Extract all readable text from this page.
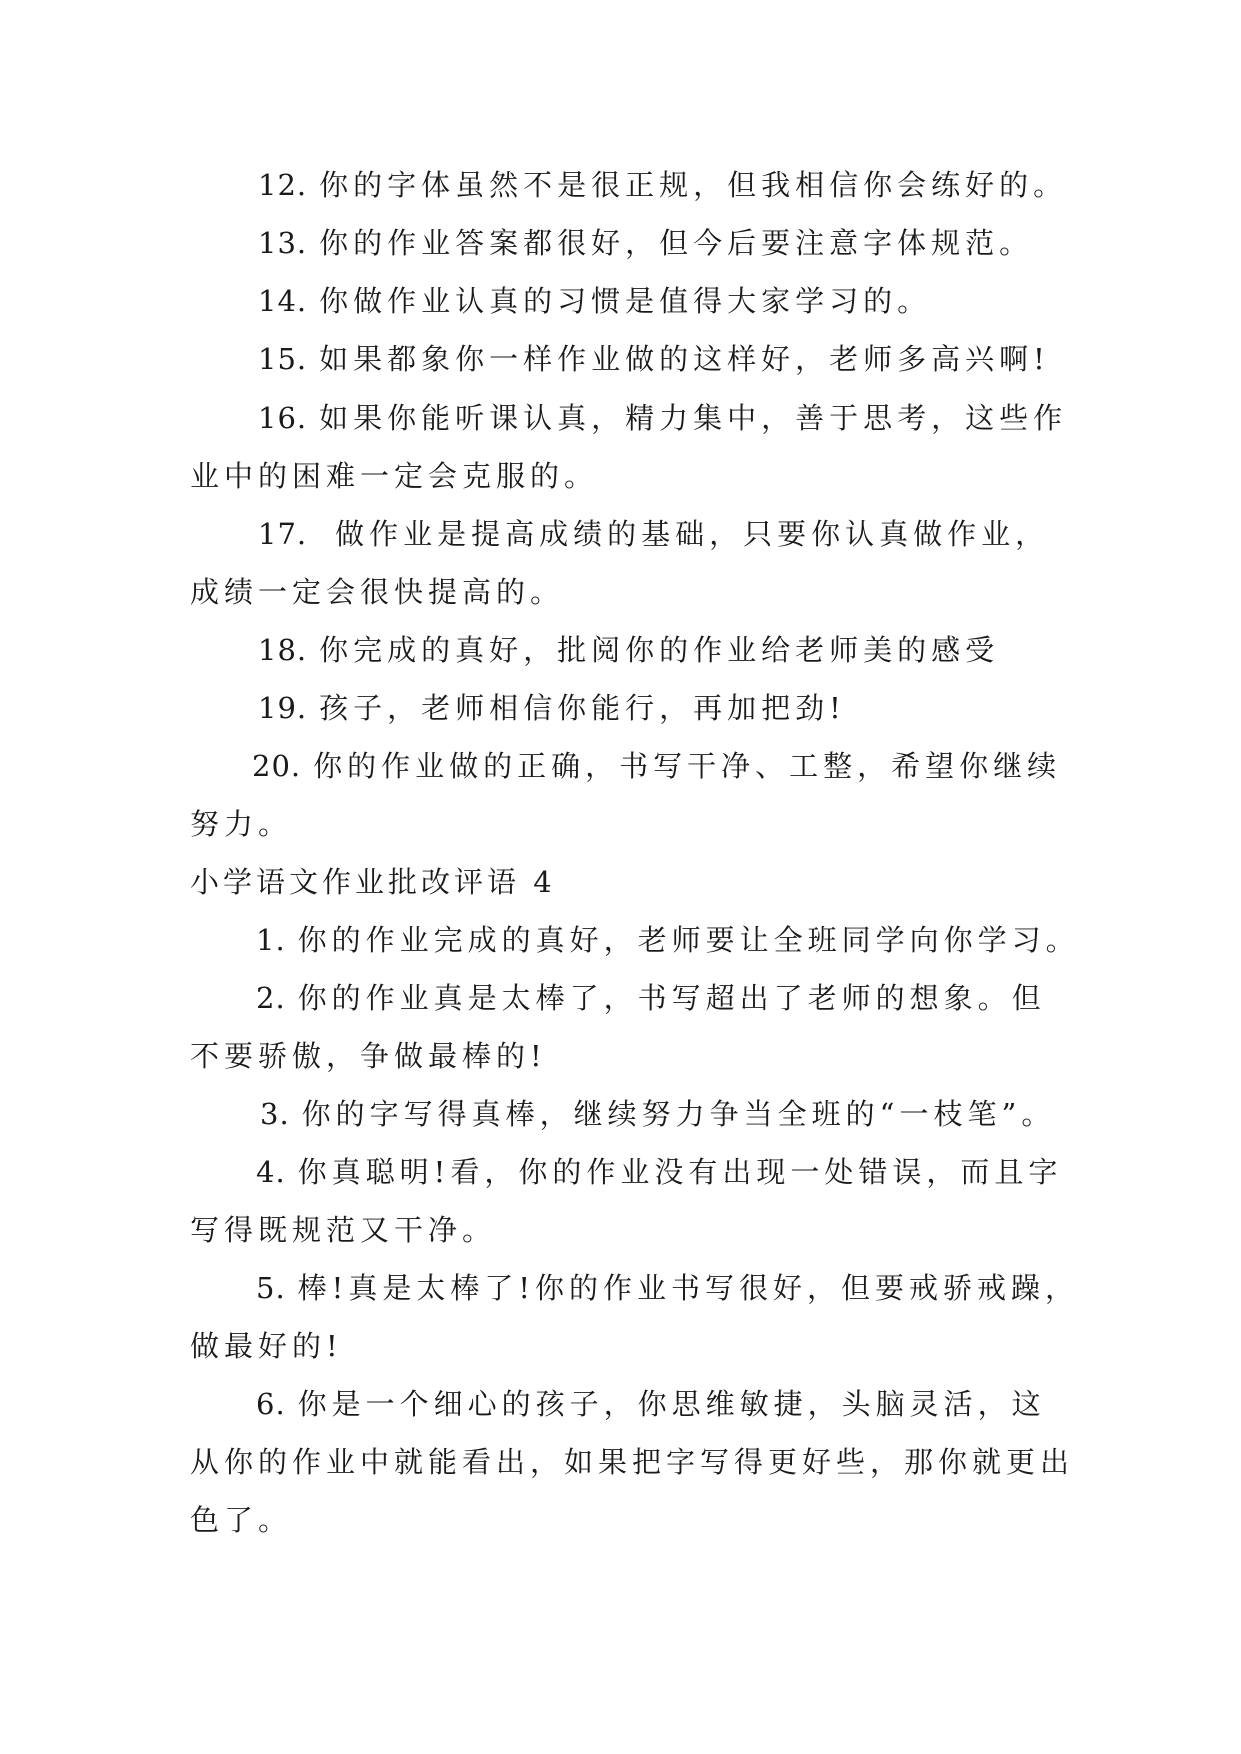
12. 你的字体虽然不是很正规，但我相信你会练好的。
13. 你的作业答案都很好，但今后要注意字体规范。
14. 你做作业认真的习惯是值得大家学习的。
15. 如果都象你一样作业做的这样好，老师多高兴啊!
16. 如果你能听课认真，精力集中，善于思考，这些作
业中的困难一定会克服的。
17. 做作业是提高成绩的基础，只要你认真做作业，
成绩一定会很快提高的。
18. 你完成的真好，批阅你的作业给老师美的感受
19. 孩子，老师相信你能行，再加把劲!
20. 你的作业做的正确，书写干净、工整，希望你继续
努力。
小学语文作业批改评语 4
1. 你的作业完成的真好，老师要让全班同学向你学习。
2. 你的作业真是太棒了，书写超出了老师的想象。但
不要骄傲，争做最棒的!
3. 你的字写得真棒，继续努力争当全班的“一枝笔”。
4. 你真聪明!看，你的作业没有出现一处错误，而且字
写得既规范又干净。
5. 棒!真是太棒了!你的作业书写很好，但要戒骄戒躁，
做最好的!
6. 你是一个细心的孩子，你思维敏捷，头脑灵活，这
从你的作业中就能看出，如果把字写得更好些，那你就更出
色了。
